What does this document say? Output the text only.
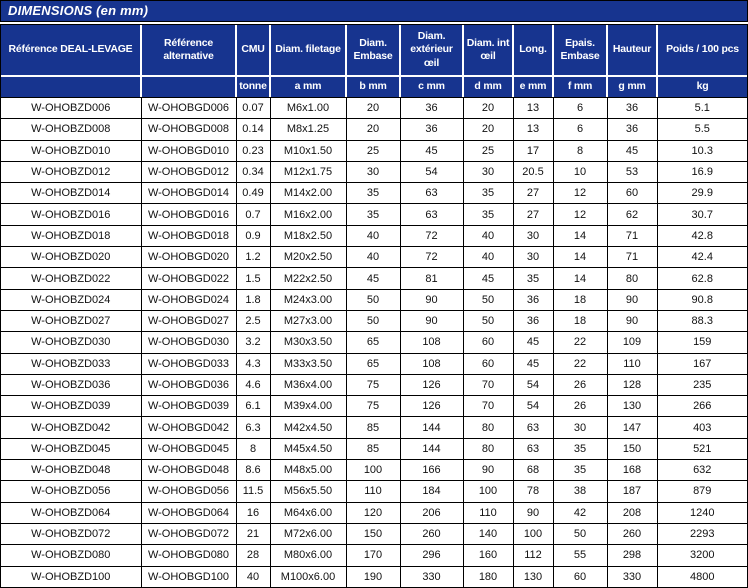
DIMENSIONS (en mm)
Référence DEAL-LEVAGE	Référence alternative	CMU	Diam. filetage	Diam. Embase	Diam. extérieur œil	Diam. int œil	Long.	Epais. Embase	Hauteur	Poids / 100 pcs
		tonne	a mm	b mm	c mm	d mm	e mm	f mm	g mm	kg
W-OHOBZD006	W-OHOBGD006	0.07	M6x1.00	20	36	20	13	6	36	5.1
W-OHOBZD008	W-OHOBGD008	0.14	M8x1.25	20	36	20	13	6	36	5.5
W-OHOBZD010	W-OHOBGD010	0.23	M10x1.50	25	45	25	17	8	45	10.3
W-OHOBZD012	W-OHOBGD012	0.34	M12x1.75	30	54	30	20.5	10	53	16.9
W-OHOBZD014	W-OHOBGD014	0.49	M14x2.00	35	63	35	27	12	60	29.9
W-OHOBZD016	W-OHOBGD016	0.7	M16x2.00	35	63	35	27	12	62	30.7
W-OHOBZD018	W-OHOBGD018	0.9	M18x2.50	40	72	40	30	14	71	42.8
W-OHOBZD020	W-OHOBGD020	1.2	M20x2.50	40	72	40	30	14	71	42.4
W-OHOBZD022	W-OHOBGD022	1.5	M22x2.50	45	81	45	35	14	80	62.8
W-OHOBZD024	W-OHOBGD024	1.8	M24x3.00	50	90	50	36	18	90	90.8
W-OHOBZD027	W-OHOBGD027	2.5	M27x3.00	50	90	50	36	18	90	88.3
W-OHOBZD030	W-OHOBGD030	3.2	M30x3.50	65	108	60	45	22	109	159
W-OHOBZD033	W-OHOBGD033	4.3	M33x3.50	65	108	60	45	22	110	167
W-OHOBZD036	W-OHOBGD036	4.6	M36x4.00	75	126	70	54	26	128	235
W-OHOBZD039	W-OHOBGD039	6.1	M39x4.00	75	126	70	54	26	130	266
W-OHOBZD042	W-OHOBGD042	6.3	M42x4.50	85	144	80	63	30	147	403
W-OHOBZD045	W-OHOBGD045	8	M45x4.50	85	144	80	63	35	150	521
W-OHOBZD048	W-OHOBGD048	8.6	M48x5.00	100	166	90	68	35	168	632
W-OHOBZD056	W-OHOBGD056	11.5	M56x5.50	110	184	100	78	38	187	879
W-OHOBZD064	W-OHOBGD064	16	M64x6.00	120	206	110	90	42	208	1240
W-OHOBZD072	W-OHOBGD072	21	M72x6.00	150	260	140	100	50	260	2293
W-OHOBZD080	W-OHOBGD080	28	M80x6.00	170	296	160	112	55	298	3200
W-OHOBZD100	W-OHOBGD100	40	M100x6.00	190	330	180	130	60	330	4800
